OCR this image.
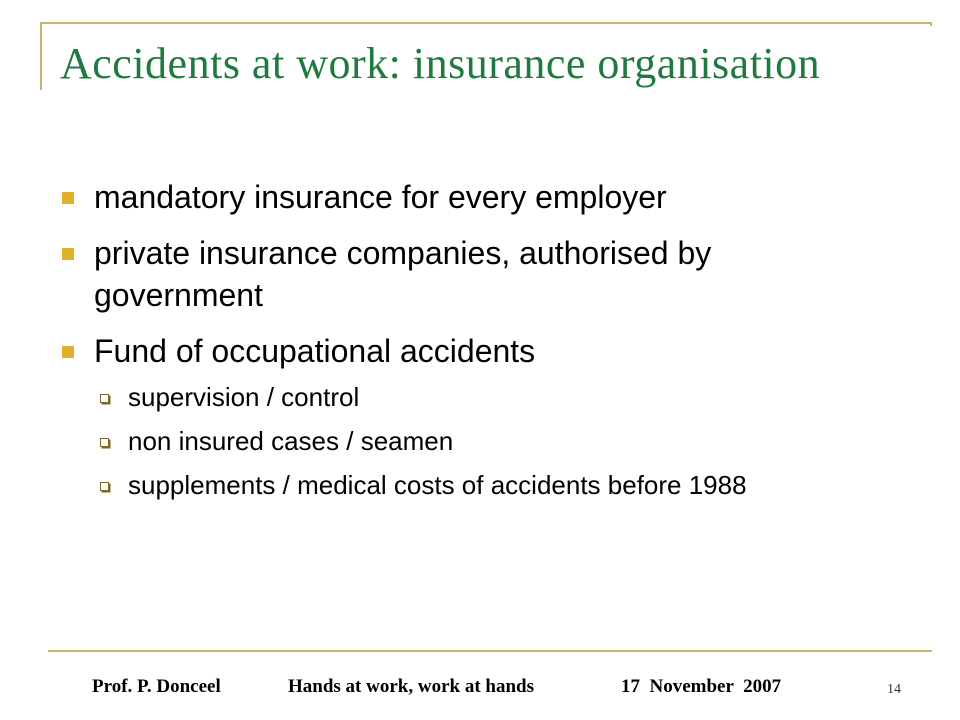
Accidents at work: insurance organisation
mandatory insurance for every employer
private insurance companies, authorised by government
Fund of occupational accidents
supervision / control
non insured cases / seamen
supplements / medical costs of accidents before 1988
Prof. P. Donceel	Hands at work, work at hands	17  November  2007	14
